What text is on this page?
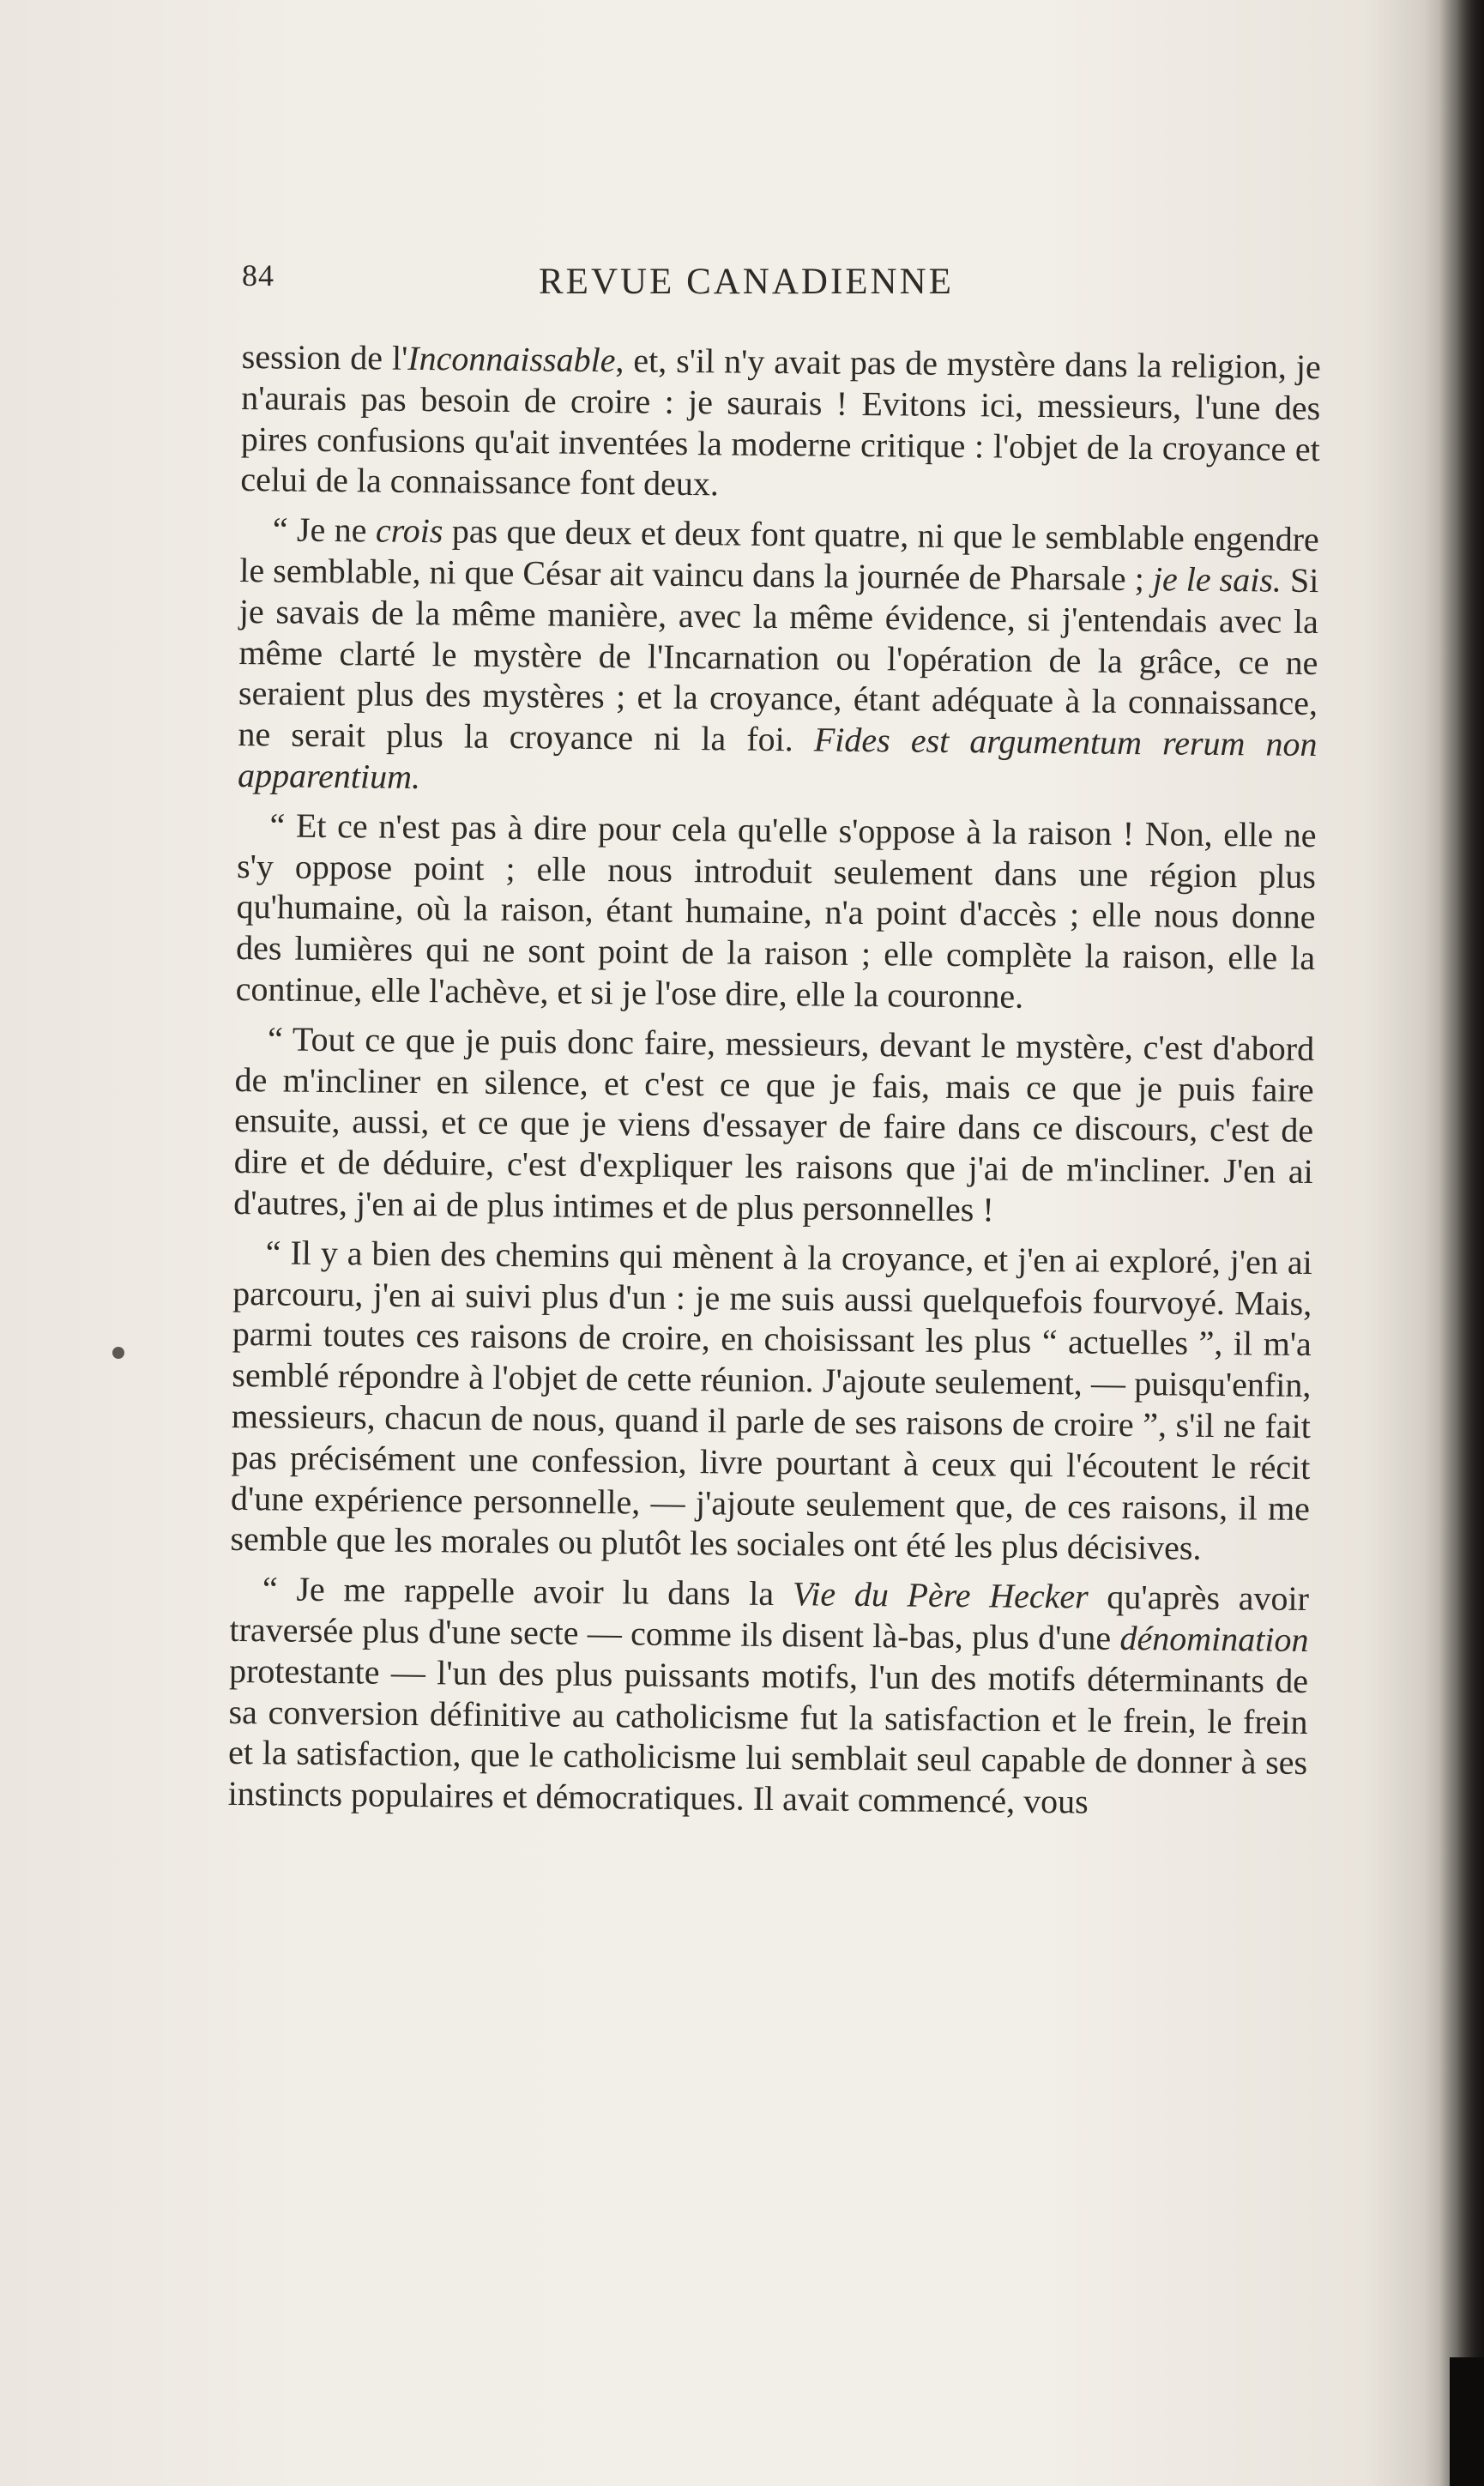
84	REVUE CANADIENNE

session de l'Inconnaissable, et, s'il n'y avait pas de mystère dans la religion, je n'aurais pas besoin de croire : je saurais ! Evitons ici, messieurs, l'une des pires confusions qu'ait inventées la moderne critique : l'objet de la croyance et celui de la connaissance font deux.

“ Je ne crois pas que deux et deux font quatre, ni que le semblable engendre le semblable, ni que César ait vaincu dans la journée de Pharsale ; je le sais. Si je savais de la même manière, avec la même évidence, si j'entendais avec la même clarté le mystère de l'Incarnation ou l'opération de la grâce, ce ne seraient plus des mystères ; et la croyance, étant adéquate à la connaissance, ne serait plus la croyance ni la foi. Fides est argumentum rerum non apparentium.

“ Et ce n'est pas à dire pour cela qu'elle s'oppose à la raison ! Non, elle ne s'y oppose point ; elle nous introduit seulement dans une région plus qu'humaine, où la raison, étant humaine, n'a point d'accès ; elle nous donne des lumières qui ne sont point de la raison ; elle complète la raison, elle la continue, elle l'achève, et si je l'ose dire, elle la couronne.

“ Tout ce que je puis donc faire, messieurs, devant le mystère, c'est d'abord de m'incliner en silence, et c'est ce que je fais, mais ce que je puis faire ensuite, aussi, et ce que je viens d'essayer de faire dans ce discours, c'est de dire et de déduire, c'est d'expliquer les raisons que j'ai de m'incliner. J'en ai d'autres, j'en ai de plus intimes et de plus personnelles !

“ Il y a bien des chemins qui mènent à la croyance, et j'en ai exploré, j'en ai parcouru, j'en ai suivi plus d'un : je me suis aussi quelquefois fourvoyé. Mais, parmi toutes ces raisons de croire, en choisissant les plus “ actuelles ”, il m'a semblé répondre à l'objet de cette réunion. J'ajoute seulement, — puisqu'enfin, messieurs, chacun de nous, quand il parle de ses raisons de croire ”, s'il ne fait pas précisément une confession, livre pourtant à ceux qui l'écoutent le récit d'une expérience personnelle, — j'ajoute seulement que, de ces raisons, il me semble que les morales ou plutôt les sociales ont été les plus décisives.

“ Je me rappelle avoir lu dans la Vie du Père Hecker qu'après avoir traversée plus d'une secte — comme ils disent là-bas, plus d'une dénomination protestante — l'un des plus puissants motifs, l'un des motifs déterminants de sa conversion définitive au catholicisme fut la satisfaction et le frein, le frein et la satisfaction, que le catholicisme lui semblait seul capable de donner à ses instincts populaires et démocratiques. Il avait commencé, vous
